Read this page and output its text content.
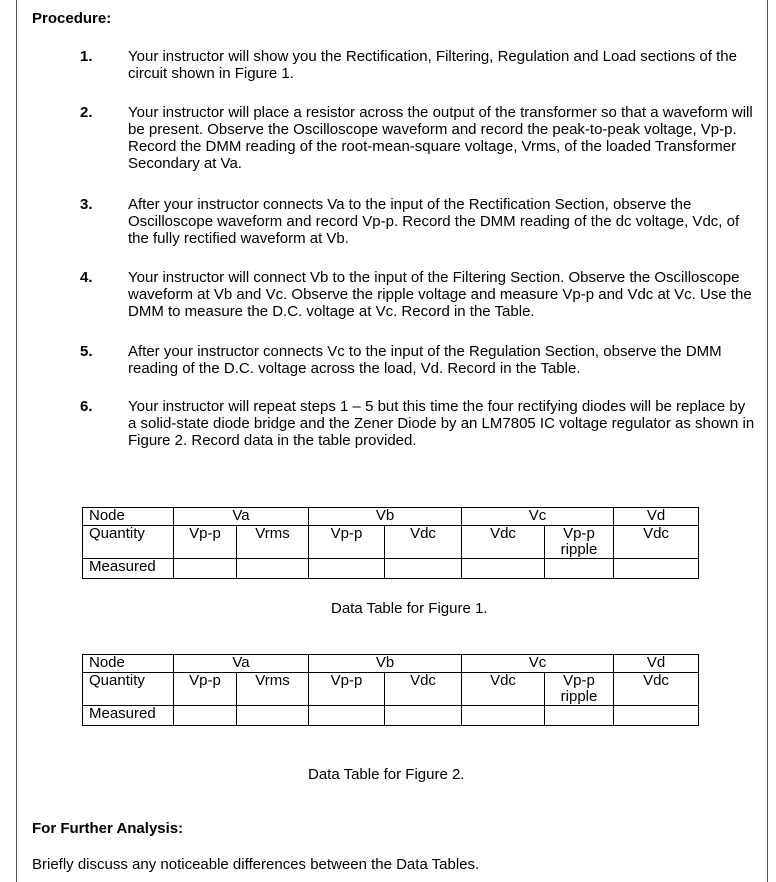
Procedure:
1. Your instructor will show you the Rectification, Filtering, Regulation and Load sections of the circuit shown in Figure 1.
2. Your instructor will place a resistor across the output of the transformer so that a waveform will be present. Observe the Oscilloscope waveform and record the peak-to-peak voltage, Vp-p. Record the DMM reading of the root-mean-square voltage, Vrms, of the loaded Transformer Secondary at Va.
3. After your instructor connects Va to the input of the Rectification Section, observe the Oscilloscope waveform and record Vp-p. Record the DMM reading of the dc voltage, Vdc, of the fully rectified waveform at Vb.
4. Your instructor will connect Vb to the input of the Filtering Section. Observe the Oscilloscope waveform at Vb and Vc. Observe the ripple voltage and measure Vp-p and Vdc at Vc. Use the DMM to measure the D.C. voltage at Vc. Record in the Table.
5. After your instructor connects Vc to the input of the Regulation Section, observe the DMM reading of the D.C. voltage across the load, Vd. Record in the Table.
6. Your instructor will repeat steps 1 – 5 but this time the four rectifying diodes will be replace by a solid-state diode bridge and the Zener Diode by an LM7805 IC voltage regulator as shown in Figure 2. Record data in the table provided.
Node	Va		Vb		Vc		Vd
Quantity	Vp-p	Vrms	Vp-p	Vdc	Vdc	Vp-p ripple	Vdc
Measured							
Data Table for Figure 1.
Node	Va		Vb		Vc		Vd
Quantity	Vp-p	Vrms	Vp-p	Vdc	Vdc	Vp-p ripple	Vdc
Measured							
Data Table for Figure 2.
For Further Analysis:
Briefly discuss any noticeable differences between the Data Tables.
